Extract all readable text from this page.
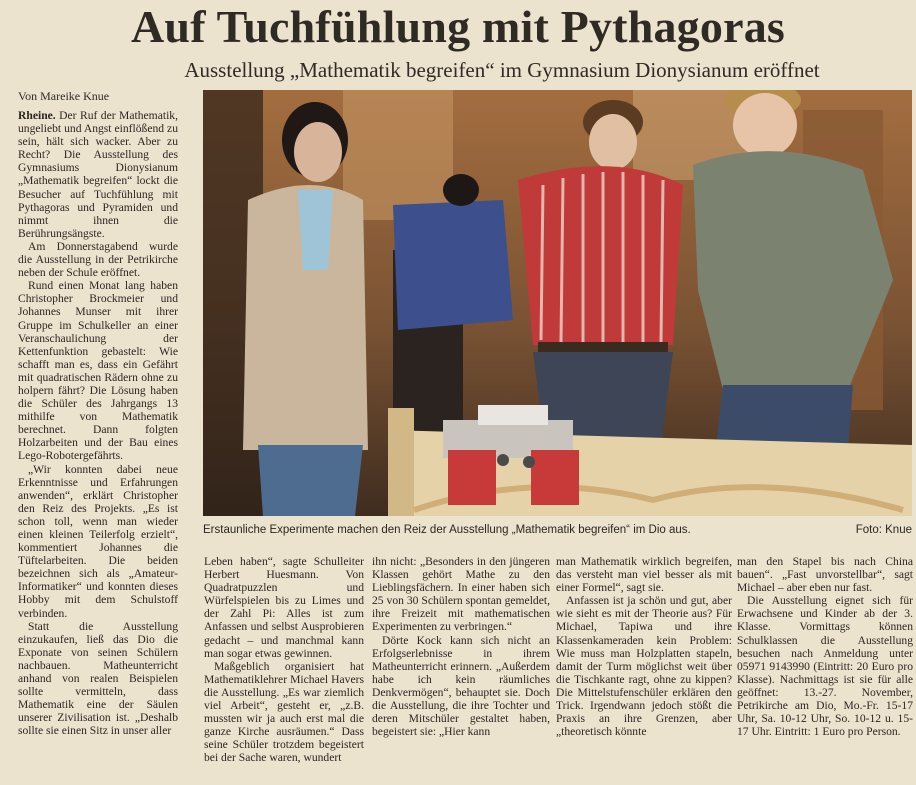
Auf Tuchfühlung mit Pythagoras
Ausstellung „Mathematik begreifen“ im Gymnasium Dionysianum eröffnet
Von Mareike Knue

Rheine. Der Ruf der Mathematik, ungeliebt und Angst einflößend zu sein, hält sich wacker. Aber zu Recht? Die Ausstellung des Gymnasiums Dionysianum „Mathematik begreifen“ lockt die Besucher auf Tuchfühlung mit Pythagoras und Pyramiden und nimmt ihnen die Berührungsängste.

Am Donnerstagabend wurde die Ausstellung in der Petrikirche neben der Schule eröffnet.

Rund einen Monat lang haben Christopher Brockmeier und Johannes Munser mit ihrer Gruppe im Schulkeller an einer Veranschaulichung der Kettenfunktion gebastelt: Wie schafft man es, dass ein Gefährt mit quadratischen Rädern ohne zu holpern fährt? Die Lösung haben die Schüler des Jahrgangs 13 mithilfe von Mathematik berechnet. Dann folgten Holzarbeiten und der Bau eines Lego-Robotergefährts.

„Wir konnten dabei neue Erkenntnisse und Erfahrungen anwenden“, erklärt Christopher den Reiz des Projekts. „Es ist schon toll, wenn man wieder einen kleinen Teilerfolg erzielt“, kommentiert Johannes die Tüftelarbeiten. Die beiden bezeichnen sich als „Amateur-Informatiker“ und konnten dieses Hobby mit dem Schulstoff verbinden.

Statt die Ausstellung einzukaufen, ließ das Dio die Exponate von seinen Schülern nachbauen. Matheunterricht anhand von realen Beispielen sollte vermitteln, dass Mathematik eine der Säulen unserer Zivilisation ist. „Deshalb sollte sie einen Sitz in unser aller

Erstaunliche Experimente machen den Reiz der Ausstellung „Mathematik begreifen“ im Dio aus.	Foto: Knue

Leben haben“, sagte Schulleiter Herbert Huesmann. Von Quadratpuzzlen und Würfelspielen bis zu Limes und der Zahl Pi: Alles ist zum Anfassen und selbst Ausprobieren gedacht – und manchmal kann man sogar etwas gewinnen.

Maßgeblich organisiert hat Mathematiklehrer Michael Havers die Ausstellung. „Es war ziemlich viel Arbeit“, gesteht er, „z.B. mussten wir ja auch erst mal die ganze Kirche ausräumen.“ Dass seine Schüler trotzdem begeistert bei der Sache waren, wundert

ihn nicht: „Besonders in den jüngeren Klassen gehört Mathe zu den Lieblingsfächern. In einer haben sich 25 von 30 Schülern spontan gemeldet, ihre Freizeit mit mathematischen Experimenten zu verbringen.“

Dörte Kock kann sich nicht an Erfolgserlebnisse in ihrem Matheunterricht erinnern. „Außerdem habe ich kein räumliches Denkvermögen“, behauptet sie. Doch die Ausstellung, die ihre Tochter und deren Mitschüler gestaltet haben, begeistert sie: „Hier kann

man Mathematik wirklich begreifen, das versteht man viel besser als mit einer Formel“, sagt sie.

Anfassen ist ja schön und gut, aber wie sieht es mit der Theorie aus? Für Michael, Tapiwa und ihre Klassenkameraden kein Problem: Wie muss man Holzplatten stapeln, damit der Turm möglichst weit über die Tischkante ragt, ohne zu kippen? Die Mittelstufenschüler erklären den Trick. Irgendwann jedoch stößt die Praxis an ihre Grenzen, aber „theoretisch könnte

man den Stapel bis nach China bauen“. „Fast unvorstellbar“, sagt Michael – aber eben nur fast.

Die Ausstellung eignet sich für Erwachsene und Kinder ab der 3. Klasse. Vormittags können Schulklassen die Ausstellung besuchen nach Anmeldung unter 05971 9143990 (Eintritt: 20 Euro pro Klasse). Nachmittags ist sie für alle geöffnet: 13.-27. November, Petrikirche am Dio, Mo.-Fr. 15-17 Uhr, Sa. 10-12 Uhr, So. 10-12 u. 15-17 Uhr. Eintritt: 1 Euro pro Person.
